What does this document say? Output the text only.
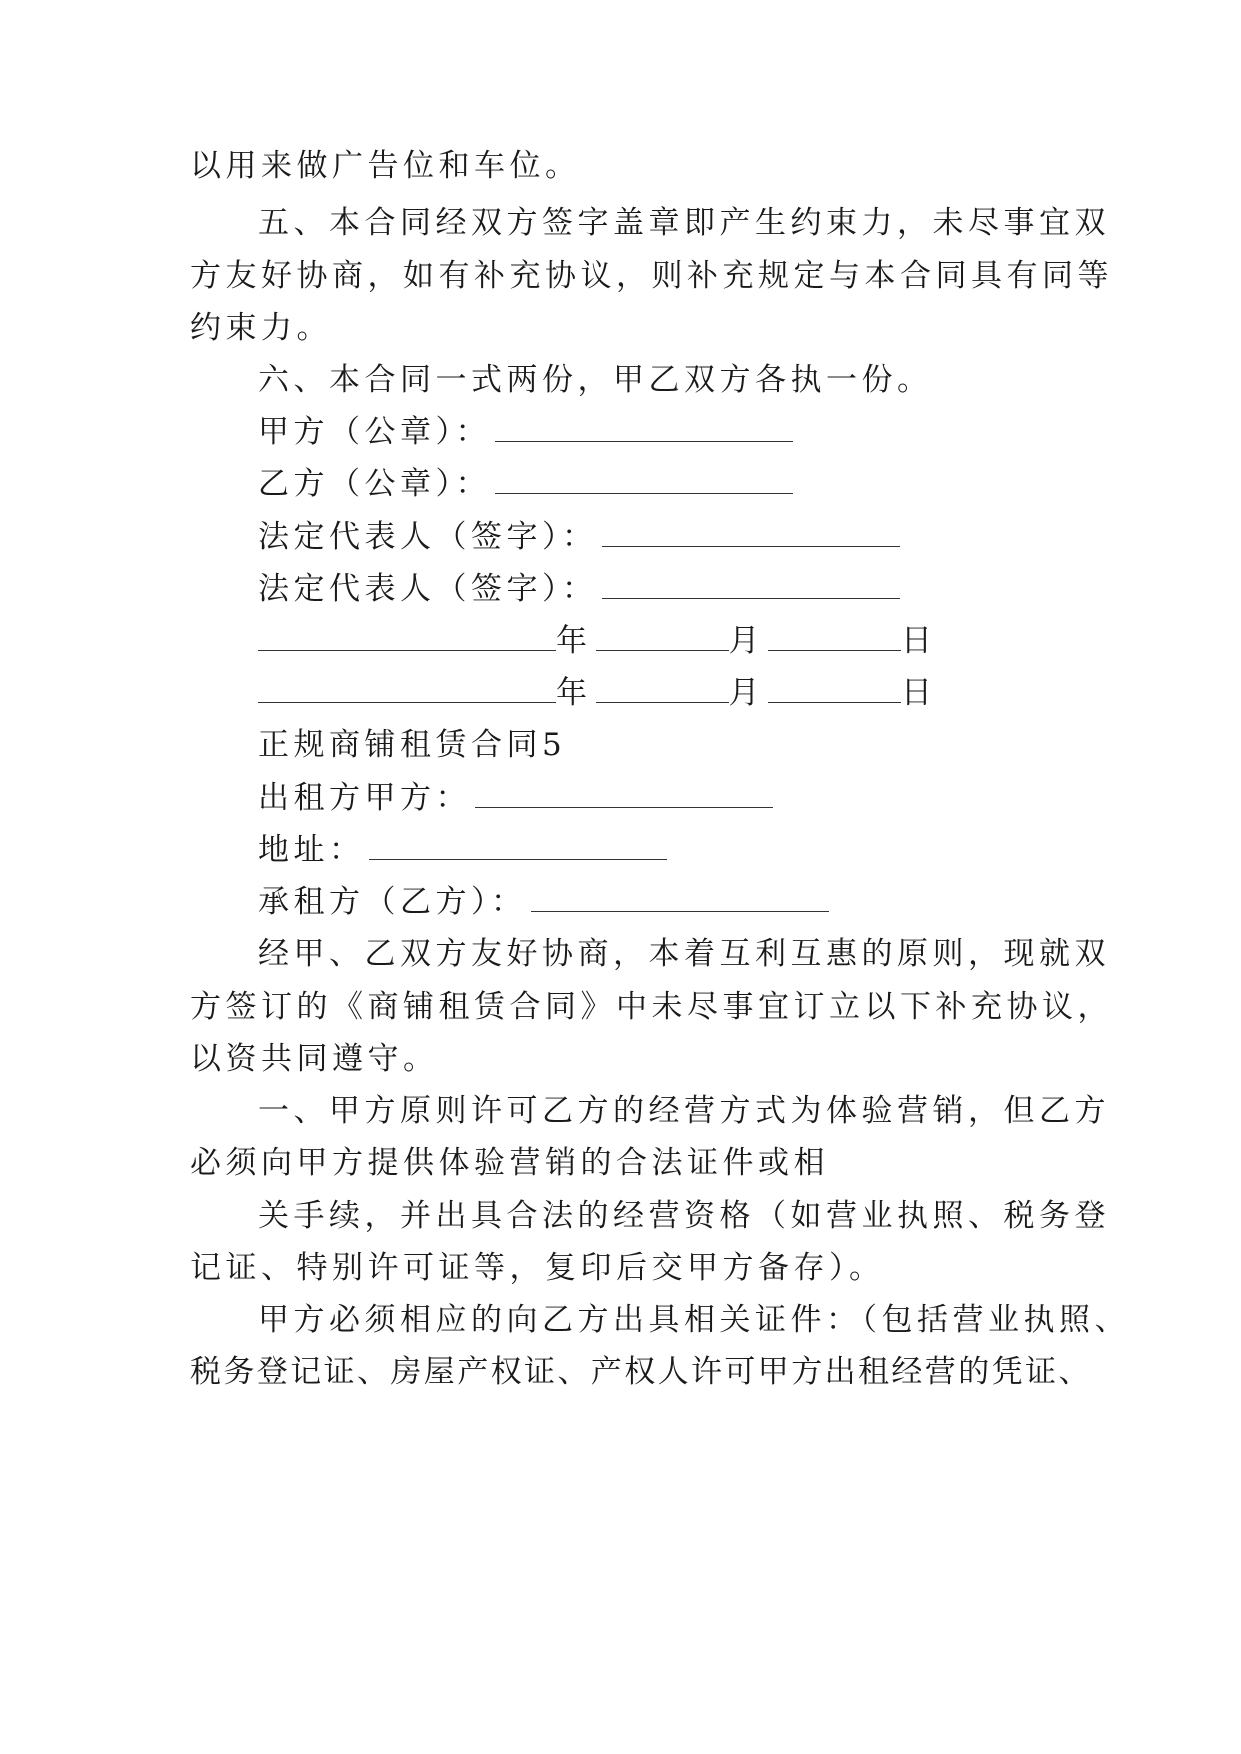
以用来做广告位和车位。
五、本合同经双方签字盖章即产生约束力，未尽事宜双
方友好协商，如有补充协议，则补充规定与本合同具有同等
约束力。
六、本合同一式两份，甲乙双方各执一份。
甲方（公章）：
乙方（公章）：
法定代表人（签字）：
法定代表人（签字）：
年	月	日
年	月	日
正规商铺租赁合同5
出租方甲方：
地址：
承租方（乙方）：
经甲、乙双方友好协商，本着互利互惠的原则，现就双
方签订的《商铺租赁合同》中未尽事宜订立以下补充协议，
以资共同遵守。
一、甲方原则许可乙方的经营方式为体验营销，但乙方
必须向甲方提供体验营销的合法证件或相
关手续，并出具合法的经营资格（如营业执照、税务登
记证、特别许可证等，复印后交甲方备存）。
甲方必须相应的向乙方出具相关证件：（包括营业执照、
税务登记证、房屋产权证、产权人许可甲方出租经营的凭证、
